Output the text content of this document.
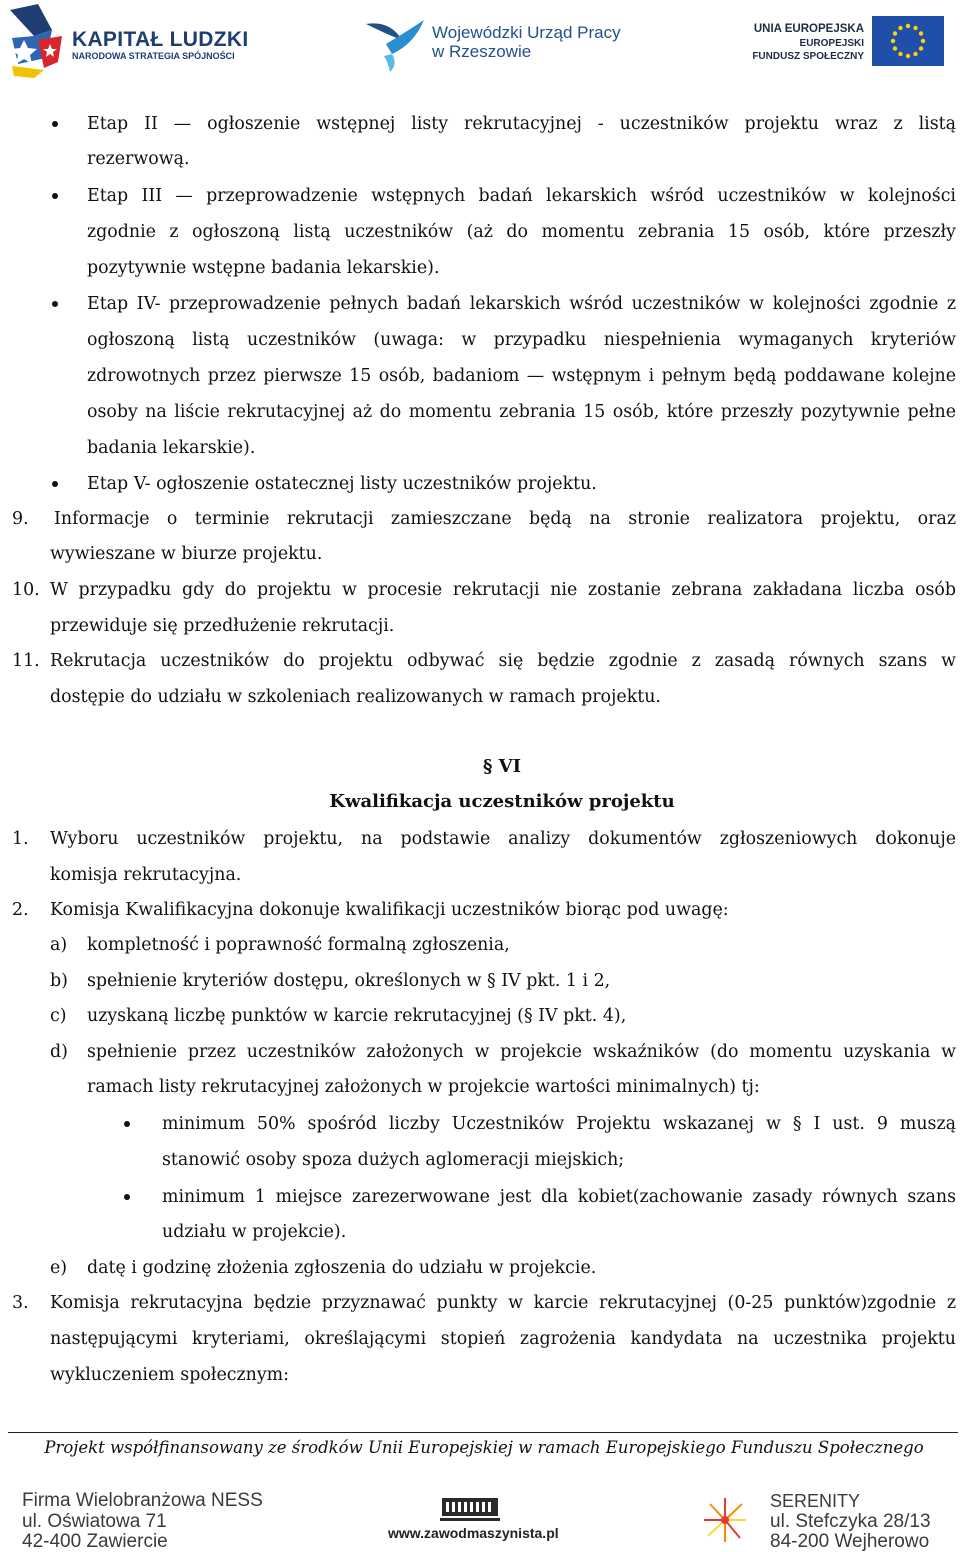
KAPITAŁ LUDZKI
NARODOWA STRATEGIA SPÓJNOŚCI
Wojewódzki Urząd Pracy
w Rzeszowie
UNIA EUROPEJSKA
EUROPEJSKI
FUNDUSZ SPOŁECZNY
Etap II — ogłoszenie wstępnej listy rekrutacyjnej - uczestników projektu wraz z listą
rezerwową.
Etap III — przeprowadzenie wstępnych badań lekarskich wśród uczestników w kolejności
zgodnie z ogłoszoną listą uczestników (aż do momentu zebrania 15 osób, które przeszły
pozytywnie wstępne badania lekarskie).
Etap IV- przeprowadzenie pełnych badań lekarskich wśród uczestników w kolejności zgodnie z
ogłoszoną listą uczestników (uwaga: w przypadku niespełnienia wymaganych kryteriów
zdrowotnych przez pierwsze 15 osób, badaniom — wstępnym i pełnym będą poddawane kolejne
osoby na liście rekrutacyjnej aż do momentu zebrania 15 osób, które przeszły pozytywnie pełne
badania lekarskie).
Etap V- ogłoszenie ostatecznej listy uczestników projektu.
9. Informacje o terminie rekrutacji zamieszczane będą na stronie realizatora projektu, oraz
wywieszane w biurze projektu.
10. W przypadku gdy do projektu w procesie rekrutacji nie zostanie zebrana zakładana liczba osób
przewiduje się przedłużenie rekrutacji.
11. Rekrutacja uczestników do projektu odbywać się będzie zgodnie z zasadą równych szans w
dostępie do udziału w szkoleniach realizowanych w ramach projektu.
§ VI
Kwalifikacja uczestników projektu
1. Wyboru uczestników projektu, na podstawie analizy dokumentów zgłoszeniowych dokonuje
komisja rekrutacyjna.
2. Komisja Kwalifikacyjna dokonuje kwalifikacji uczestników biorąc pod uwagę:
a) kompletność i poprawność formalną zgłoszenia,
b) spełnienie kryteriów dostępu, określonych w § IV pkt. 1 i 2,
c) uzyskaną liczbę punktów w karcie rekrutacyjnej (§ IV pkt. 4),
d) spełnienie przez uczestników założonych w projekcie wskaźników (do momentu uzyskania w
ramach listy rekrutacyjnej założonych w projekcie wartości minimalnych) tj:
minimum 50% spośród liczby Uczestników Projektu wskazanej w § I ust. 9 muszą
stanowić osoby spoza dużych aglomeracji miejskich;
minimum 1 miejsce zarezerwowane jest dla kobiet(zachowanie zasady równych szans
udziału w projekcie).
e) datę i godzinę złożenia zgłoszenia do udziału w projekcie.
3. Komisja rekrutacyjna będzie przyznawać punkty w karcie rekrutacyjnej (0-25 punktów)zgodnie z
następującymi kryteriami, określającymi stopień zagrożenia kandydata na uczestnika projektu
wykluczeniem społecznym:
Projekt współfinansowany ze środków Unii Europejskiej w ramach Europejskiego Funduszu Społecznego
Firma Wielobranżowa NESS
ul. Oświatowa 71
42-400 Zawiercie	www.zawodmaszynista.pl
SERENITY
ul. Stefczyka 28/13
84-200 Wejherowo
